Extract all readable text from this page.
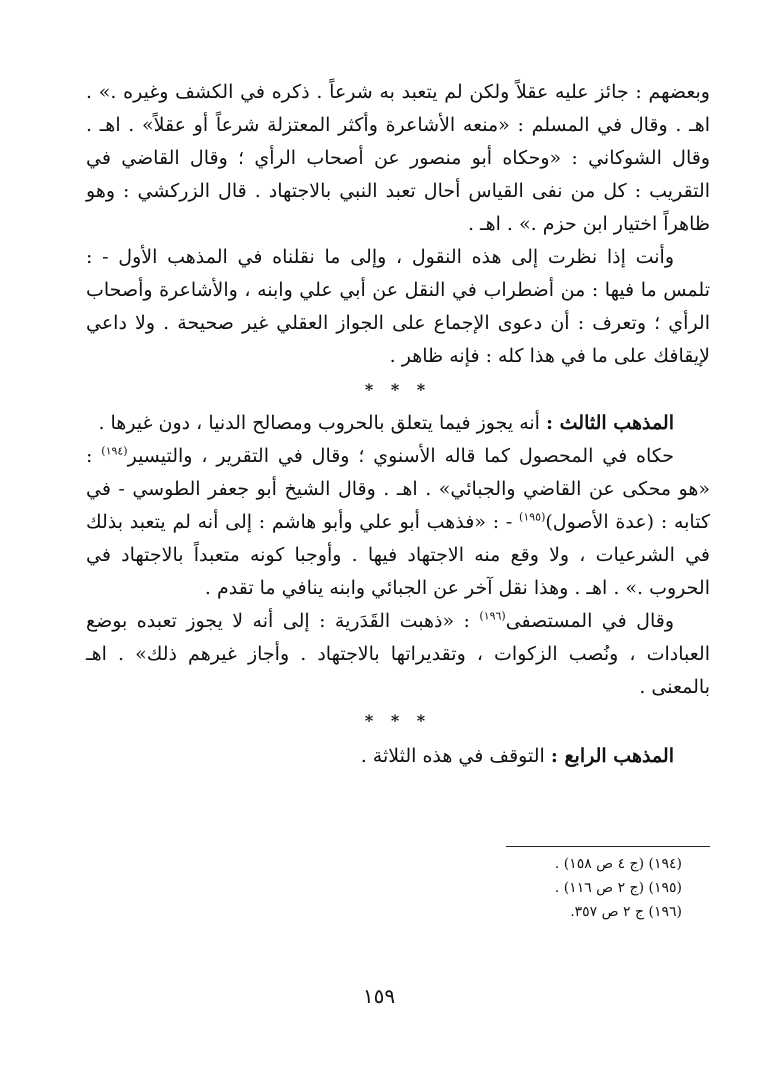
وبعضهم : جائز عليه عقلاً ولكن لم يتعبد به شرعاً . ذكره في الكشف وغيره .» . اهـ . وقال في المسلم : «منعه الأشاعرة وأكثر المعتزلة شرعاً أو عقلاً» . اهـ . وقال الشوكاني : «وحكاه أبو منصور عن أصحاب الرأي ؛ وقال القاضي في التقريب : كل من نفى القياس أحال تعبد النبي بالاجتهاد . قال الزركشي : وهو ظاهراً اختيار ابن حزم .» . اهـ .

وأنت إذا نظرت إلى هذه النقول ، وإلى ما نقلناه في المذهب الأول - : تلمس ما فيها : من أضطراب في النقل عن أبي علي وابنه ، والأشاعرة وأصحاب الرأي ؛ وتعرف : أن دعوى الإجماع على الجواز العقلي غير صحيحة . ولا داعي لإيقافك على ما في هذا كله : فإنه ظاهر .

* * *

المذهب الثالث : أنه يجوز فيما يتعلق بالحروب ومصالح الدنيا ، دون غيرها .

حكاه في المحصول كما قاله الأسنوي ؛ وقال في التقرير ، والتيسير$^{(١٩٤)}$ : «هو محكى عن القاضي والجبائي» . اهـ . وقال الشيخ أبو جعفر الطوسي - في كتابه : (عدة الأصول)$^{(١٩٥)}$ - : «فذهب أبو علي وأبو هاشم : إلى أنه لم يتعبد بذلك في الشرعيات ، ولا وقع منه الاجتهاد فيها . وأوجبا كونه متعبداً بالاجتهاد في الحروب .» . اهـ . وهذا نقل آخر عن الجبائي وابنه ينافي ما تقدم .

وقال في المستصفى$^{(١٩٦)}$ : «ذهبت القَدَرية : إلى أنه لا يجوز تعبده بوضع العبادات ، ونُصب الزكوات ، وتقديراتها بالاجتهاد . وأجاز غيرهم ذلك» . اهـ بالمعنى .

* * *

المذهب الرابع : التوقف في هذه الثلاثة .

(١٩٤) (ج ٤ ص ١٥٨) .

(١٩٥) (ج ٢ ص ١١٦) .

(١٩٦) ج ٢ ص ٣٥٧.

١٥٩
